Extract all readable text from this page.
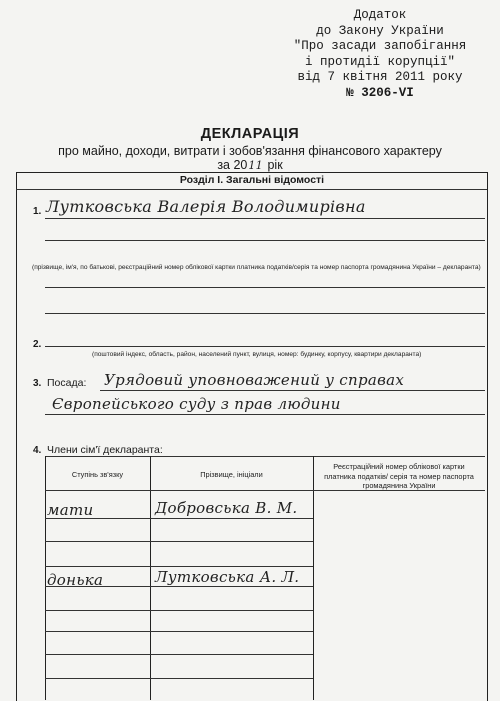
Додаток
до Закону України
"Про засади запобігання
і протидії корупції"
від 7 квітня 2011 року
№ 3206-VI
ДЕКЛАРАЦІЯ
про майно, доходи, витрати і зобов'язання фінансового характеру
за 2011 рік
Розділ І. Загальні відомості
1. Лутковська Валерія Володимирівна
(прізвище, ім'я, по батькові, реєстраційний номер облікової картки платника податків/серія та номер паспорта громадянина України – декларанта)
2.
(поштовий індекс, область, район, населений пункт, вулиця, номер: будинку, корпусу, квартири декларанта)
3. Посада: Урядовий уповноважений у справах
Європейського суду з прав людини
4. Члени сім'ї декларанта:
Ступінь зв'язку	Прізвище, ініціали
Реєстраційний номер облікової картки платника податків/ серія та номер паспорта громадянина України
мати	Добровська В. М.
донька	Лутковська А. Л.
